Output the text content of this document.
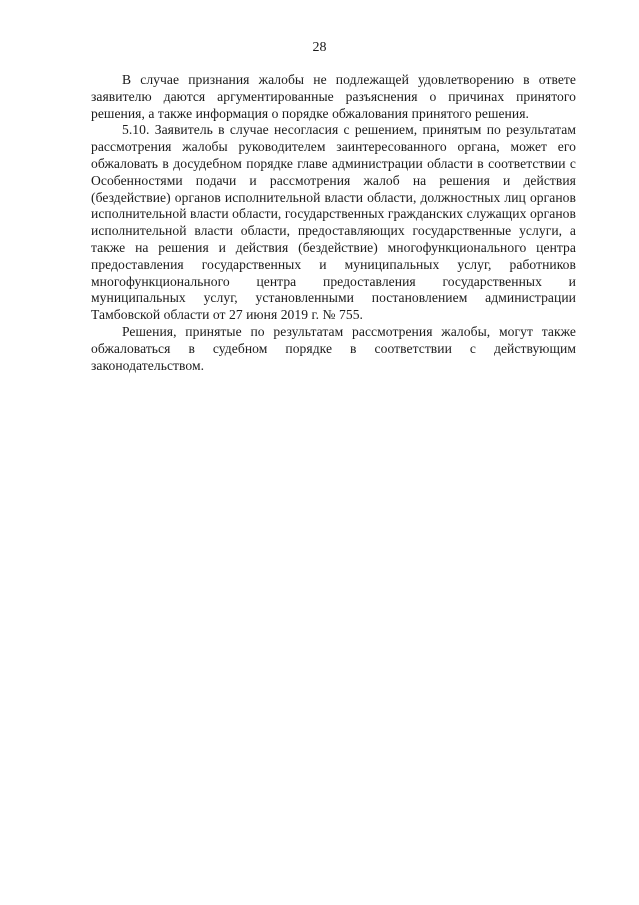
28

В случае признания жалобы не подлежащей удовлетворению в ответе заявителю даются аргументированные разъяснения о причинах принятого решения, а также информация о порядке обжалования принятого решения.

5.10. Заявитель в случае несогласия с решением, принятым по результатам рассмотрения жалобы руководителем заинтересованного органа, может его обжаловать в досудебном порядке главе администрации области в соответствии с Особенностями подачи и рассмотрения жалоб на решения и действия (бездействие) органов исполнительной власти области, должностных лиц органов исполнительной власти области, государственных гражданских служащих органов исполнительной власти области, предоставляющих государственные услуги, а также на решения и действия (бездействие) многофункционального центра предоставления государственных и муниципальных услуг, работников многофункционального центра предоставления государственных и муниципальных услуг, установленными постановлением администрации Тамбовской области от 27 июня 2019 г. № 755.

Решения, принятые по результатам рассмотрения жалобы, могут также обжаловаться в судебном порядке в соответствии с действующим законодательством.
